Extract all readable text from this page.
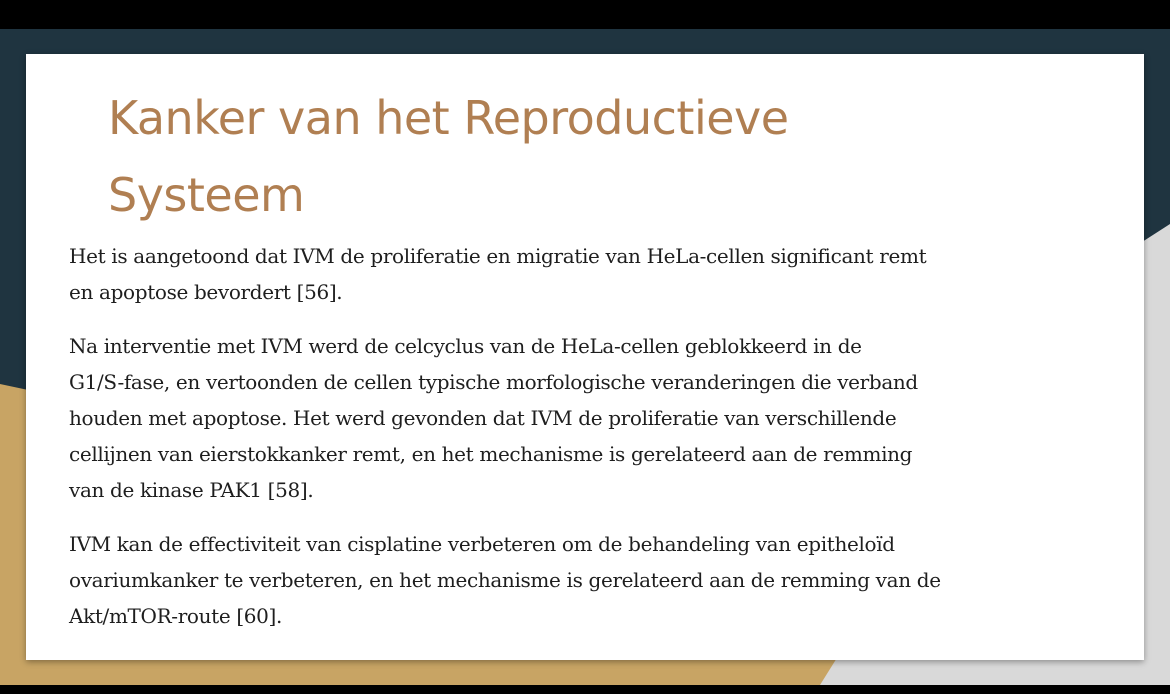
Kanker van het Reproductieve
Systeem

Het is aangetoond dat IVM de proliferatie en migratie van HeLa-cellen significant remt
en apoptose bevordert [56].

Na interventie met IVM werd de celcyclus van de HeLa-cellen geblokkeerd in de
G1/S-fase, en vertoonden de cellen typische morfologische veranderingen die verband
houden met apoptose. Het werd gevonden dat IVM de proliferatie van verschillende
cellijnen van eierstokkanker remt, en het mechanisme is gerelateerd aan de remming
van de kinase PAK1 [58].

IVM kan de effectiviteit van cisplatine verbeteren om de behandeling van epitheloïd
ovariumkanker te verbeteren, en het mechanisme is gerelateerd aan de remming van de
Akt/mTOR-route [60].
